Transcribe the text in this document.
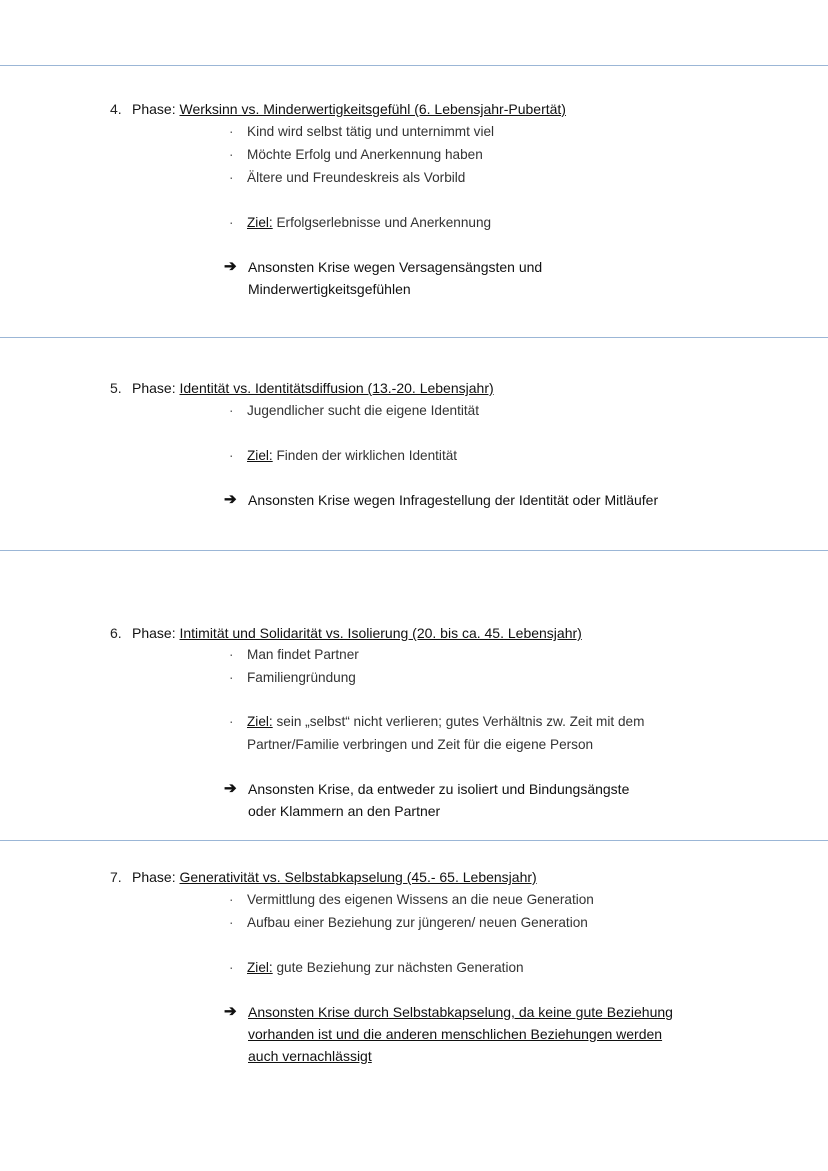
4. Phase: Werksinn vs. Minderwertigkeitsgefühl (6. Lebensjahr-Pubertät)
· Kind wird selbst tätig und unternimmt viel
· Möchte Erfolg und Anerkennung haben
· Ältere und Freundeskreis als Vorbild
· Ziel: Erfolgserlebnisse und Anerkennung
➔ Ansonsten Krise wegen Versagensängsten und
Minderwertigkeitsgefühlen
5. Phase: Identität vs. Identitätsdiffusion (13.-20. Lebensjahr)
· Jugendlicher sucht die eigene Identität
· Ziel: Finden der wirklichen Identität
➔ Ansonsten Krise wegen Infragestellung der Identität oder Mitläufer
6. Phase: Intimität und Solidarität vs. Isolierung (20. bis ca. 45. Lebensjahr)
· Man findet Partner
· Familiengründung
· Ziel: sein „selbst“ nicht verlieren; gutes Verhältnis zw. Zeit mit dem
Partner/Familie verbringen und Zeit für die eigene Person
➔ Ansonsten Krise, da entweder zu isoliert und Bindungsängste
oder Klammern an den Partner
7. Phase: Generativität vs. Selbstabkapselung (45.- 65. Lebensjahr)
· Vermittlung des eigenen Wissens an die neue Generation
· Aufbau einer Beziehung zur jüngeren/ neuen Generation
· Ziel: gute Beziehung zur nächsten Generation
➔ Ansonsten Krise durch Selbstabkapselung, da keine gute Beziehung
vorhanden ist und die anderen menschlichen Beziehungen werden
auch vernachlässigt
